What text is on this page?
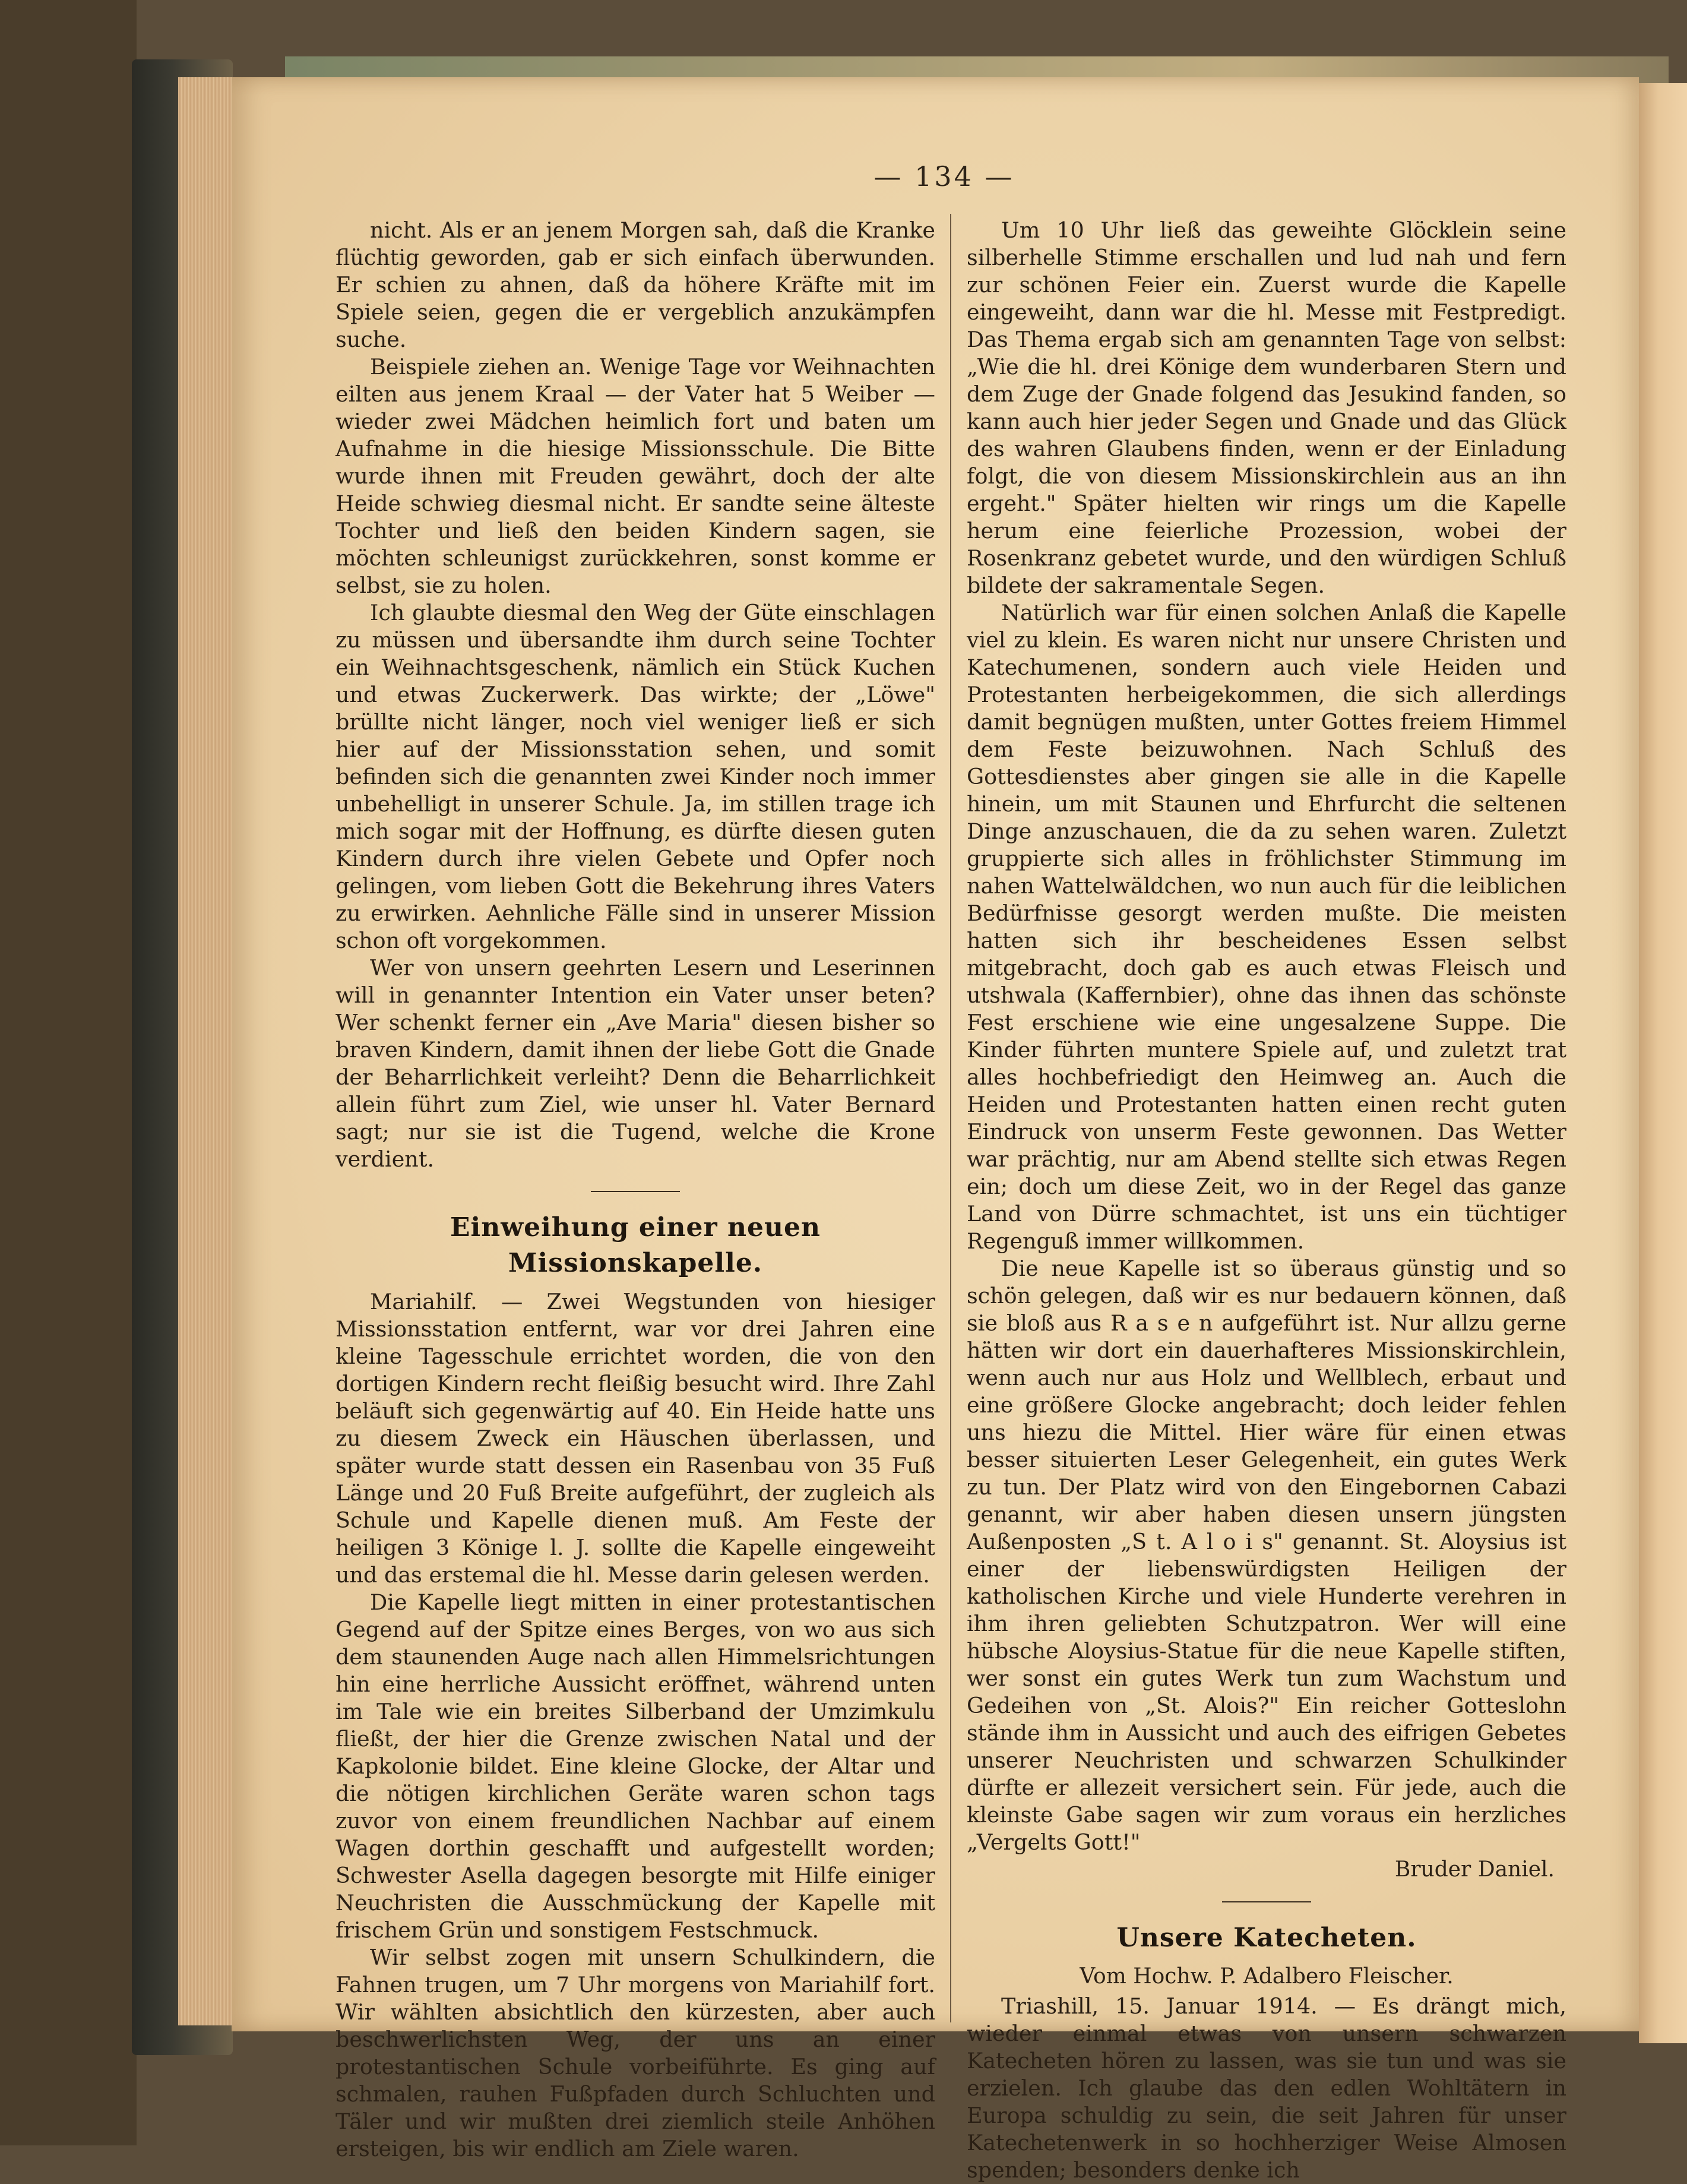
— 134 —

nicht. Als er an jenem Morgen sah, daß die Kranke flüchtig geworden, gab er sich einfach überwunden. Er schien zu ahnen, daß da höhere Kräfte mit im Spiele seien, gegen die er vergeblich anzukämpfen suche.

Beispiele ziehen an. Wenige Tage vor Weihnachten eilten aus jenem Kraal — der Vater hat 5 Weiber — wieder zwei Mädchen heimlich fort und baten um Aufnahme in die hiesige Missionsschule. Die Bitte wurde ihnen mit Freuden gewährt, doch der alte Heide schwieg diesmal nicht. Er sandte seine älteste Tochter und ließ den beiden Kindern sagen, sie möchten schleunigst zurückkehren, sonst komme er selbst, sie zu holen.

Ich glaubte diesmal den Weg der Güte einschlagen zu müssen und übersandte ihm durch seine Tochter ein Weihnachtsgeschenk, nämlich ein Stück Kuchen und etwas Zuckerwerk. Das wirkte; der „Löwe" brüllte nicht länger, noch viel weniger ließ er sich hier auf der Missionsstation sehen, und somit befinden sich die genannten zwei Kinder noch immer unbehelligt in unserer Schule. Ja, im stillen trage ich mich sogar mit der Hoffnung, es dürfte diesen guten Kindern durch ihre vielen Gebete und Opfer noch gelingen, vom lieben Gott die Bekehrung ihres Vaters zu erwirken. Aehnliche Fälle sind in unserer Mission schon oft vorgekommen.

Wer von unsern geehrten Lesern und Leserinnen will in genannter Intention ein Vater unser beten? Wer schenkt ferner ein „Ave Maria" diesen bisher so braven Kindern, damit ihnen der liebe Gott die Gnade der Beharrlichkeit verleiht? Denn die Beharrlichkeit allein führt zum Ziel, wie unser hl. Vater Bernard sagt; nur sie ist die Tugend, welche die Krone verdient.

Einweihung einer neuen Missionskapelle.

Mariahilf. — Zwei Wegstunden von hiesiger Missionsstation entfernt, war vor drei Jahren eine kleine Tagesschule errichtet worden, die von den dortigen Kindern recht fleißig besucht wird. Ihre Zahl beläuft sich gegenwärtig auf 40. Ein Heide hatte uns zu diesem Zweck ein Häuschen überlassen, und später wurde statt dessen ein Rasenbau von 35 Fuß Länge und 20 Fuß Breite aufgeführt, der zugleich als Schule und Kapelle dienen muß. Am Feste der heiligen 3 Könige l. J. sollte die Kapelle eingeweiht und das erstemal die hl. Messe darin gelesen werden.

Die Kapelle liegt mitten in einer protestantischen Gegend auf der Spitze eines Berges, von wo aus sich dem staunenden Auge nach allen Himmelsrichtungen hin eine herrliche Aussicht eröffnet, während unten im Tale wie ein breites Silberband der Umzimkulu fließt, der hier die Grenze zwischen Natal und der Kapkolonie bildet. Eine kleine Glocke, der Altar und die nötigen kirchlichen Geräte waren schon tags zuvor von einem freundlichen Nachbar auf einem Wagen dorthin geschafft und aufgestellt worden; Schwester Asella dagegen besorgte mit Hilfe einiger Neuchristen die Ausschmückung der Kapelle mit frischem Grün und sonstigem Festschmuck.

Wir selbst zogen mit unsern Schulkindern, die Fahnen trugen, um 7 Uhr morgens von Mariahilf fort. Wir wählten absichtlich den kürzesten, aber auch beschwerlichsten Weg, der uns an einer protestantischen Schule vorbeiführte. Es ging auf schmalen, rauhen Fußpfaden durch Schluchten und Täler und wir mußten drei ziemlich steile Anhöhen ersteigen, bis wir endlich am Ziele waren.

Um 10 Uhr ließ das geweihte Glöcklein seine silberhelle Stimme erschallen und lud nah und fern zur schönen Feier ein. Zuerst wurde die Kapelle eingeweiht, dann war die hl. Messe mit Festpredigt. Das Thema ergab sich am genannten Tage von selbst: „Wie die hl. drei Könige dem wunderbaren Stern und dem Zuge der Gnade folgend das Jesukind fanden, so kann auch hier jeder Segen und Gnade und das Glück des wahren Glaubens finden, wenn er der Einladung folgt, die von diesem Missionskirchlein aus an ihn ergeht." Später hielten wir rings um die Kapelle herum eine feierliche Prozession, wobei der Rosenkranz gebetet wurde, und den würdigen Schluß bildete der sakramentale Segen.

Natürlich war für einen solchen Anlaß die Kapelle viel zu klein. Es waren nicht nur unsere Christen und Katechumenen, sondern auch viele Heiden und Protestanten herbeigekommen, die sich allerdings damit begnügen mußten, unter Gottes freiem Himmel dem Feste beizuwohnen. Nach Schluß des Gottesdienstes aber gingen sie alle in die Kapelle hinein, um mit Staunen und Ehrfurcht die seltenen Dinge anzuschauen, die da zu sehen waren. Zuletzt gruppierte sich alles in fröhlichster Stimmung im nahen Wattelwäldchen, wo nun auch für die leiblichen Bedürfnisse gesorgt werden mußte. Die meisten hatten sich ihr bescheidenes Essen selbst mitgebracht, doch gab es auch etwas Fleisch und utshwala (Kaffernbier), ohne das ihnen das schönste Fest erschiene wie eine ungesalzene Suppe. Die Kinder führten muntere Spiele auf, und zuletzt trat alles hochbefriedigt den Heimweg an. Auch die Heiden und Protestanten hatten einen recht guten Eindruck von unserm Feste gewonnen. Das Wetter war prächtig, nur am Abend stellte sich etwas Regen ein; doch um diese Zeit, wo in der Regel das ganze Land von Dürre schmachtet, ist uns ein tüchtiger Regenguß immer willkommen.

Die neue Kapelle ist so überaus günstig und so schön gelegen, daß wir es nur bedauern können, daß sie bloß aus R a s e n aufgeführt ist. Nur allzu gerne hätten wir dort ein dauerhafteres Missionskirchlein, wenn auch nur aus Holz und Wellblech, erbaut und eine größere Glocke angebracht; doch leider fehlen uns hiezu die Mittel. Hier wäre für einen etwas besser situierten Leser Gelegenheit, ein gutes Werk zu tun. Der Platz wird von den Eingebornen Cabazi genannt, wir aber haben diesen unsern jüngsten Außenposten „S t. A l o i s" genannt. St. Aloysius ist einer der liebenswürdigsten Heiligen der katholischen Kirche und viele Hunderte verehren in ihm ihren geliebten Schutzpatron. Wer will eine hübsche Aloysius-Statue für die neue Kapelle stiften, wer sonst ein gutes Werk tun zum Wachstum und Gedeihen von „St. Alois?" Ein reicher Gotteslohn stände ihm in Aussicht und auch des eifrigen Gebetes unserer Neuchristen und schwarzen Schulkinder dürfte er allezeit versichert sein. Für jede, auch die kleinste Gabe sagen wir zum voraus ein herzliches „Vergelts Gott!"

Bruder Daniel.

Unsere Katecheten.

Vom Hochw. P. Adalbero Fleischer.

Triashill, 15. Januar 1914. — Es drängt mich, wieder einmal etwas von unsern schwarzen Katecheten hören zu lassen, was sie tun und was sie erzielen. Ich glaube das den edlen Wohltätern in Europa schuldig zu sein, die seit Jahren für unser Katechetenwerk in so hochherziger Weise Almosen spenden; besonders denke ich
